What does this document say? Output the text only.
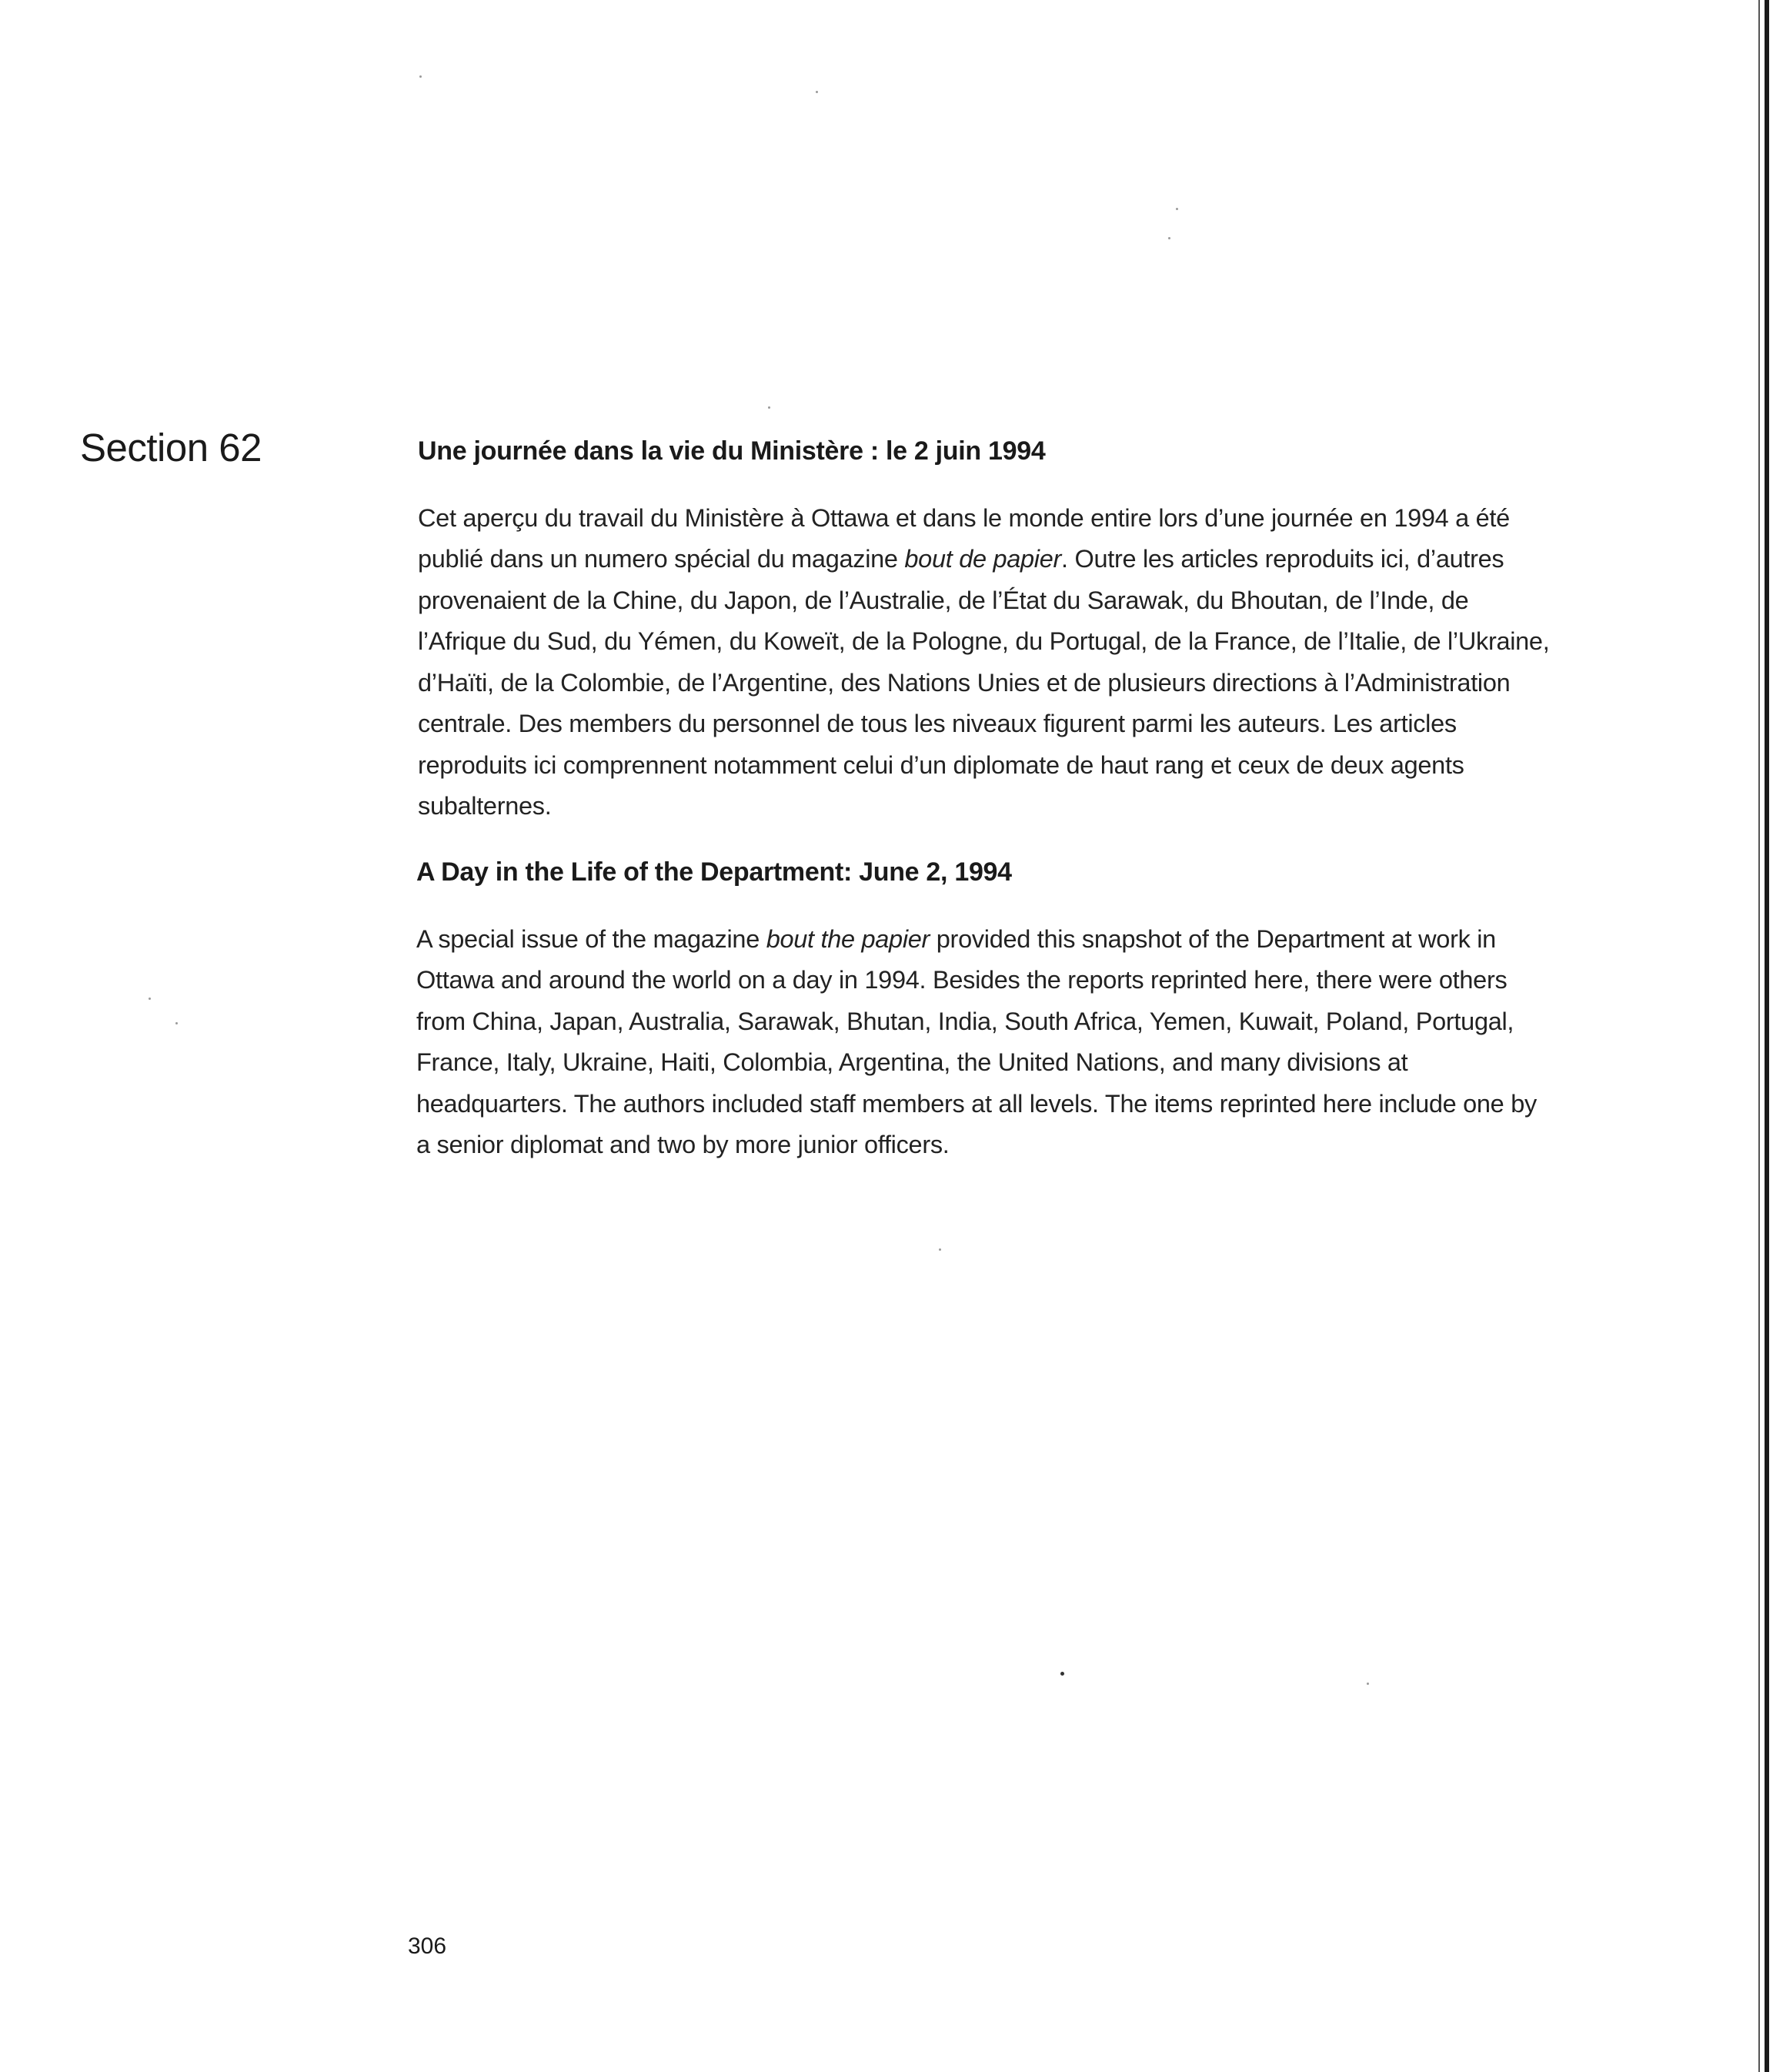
Section 62	Une journée dans la vie du Ministère : le 2 juin 1994

Cet aperçu du travail du Ministère à Ottawa et dans le monde entire lors d’une journée en 1994 a été publié dans un numero spécial du magazine bout de papier. Outre les articles reproduits ici, d’autres provenaient de la Chine, du Japon, de l’Australie, de l’État du Sarawak, du Bhoutan, de l’Inde, de l’Afrique du Sud, du Yémen, du Koweït, de la Pologne, du Portugal, de la France, de l’Italie, de l’Ukraine, d’Haïti, de la Colombie, de l’Argentine, des Nations Unies et de plusieurs directions à l’Administration centrale. Des members du personnel de tous les niveaux figurent parmi les auteurs. Les articles reproduits ici comprennent notamment celui d’un diplomate de haut rang et ceux de deux agents subalternes.

A Day in the Life of the Department: June 2, 1994

A special issue of the magazine bout the papier provided this snapshot of the Department at work in Ottawa and around the world on a day in 1994. Besides the reports reprinted here, there were others from China, Japan, Australia, Sarawak, Bhutan, India, South Africa, Yemen, Kuwait, Poland, Portugal, France, Italy, Ukraine, Haiti, Colombia, Argentina, the United Nations, and many divisions at headquarters. The authors included staff members at all levels. The items reprinted here include one by a senior diplomat and two by more junior officers.

306
